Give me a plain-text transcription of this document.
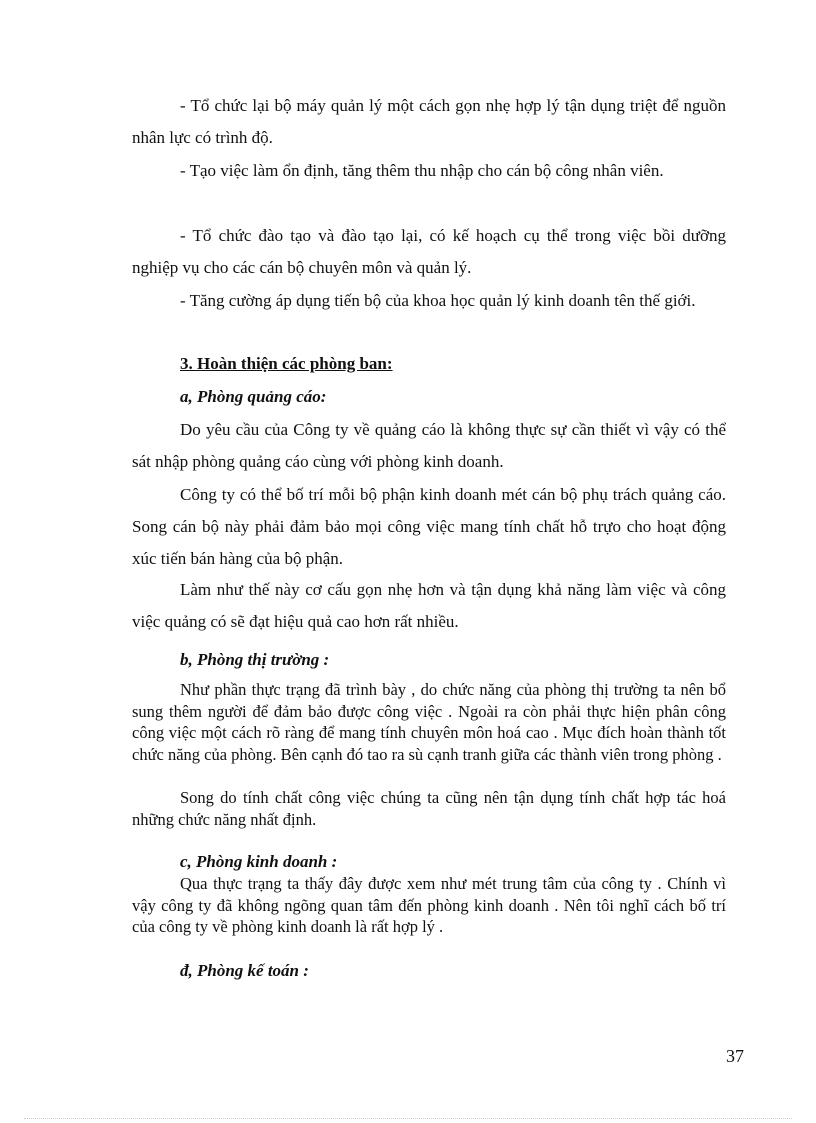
- Tổ chức lại bộ máy quản lý một cách gọn nhẹ hợp lý tận dụng triệt để nguồn nhân lực có trình độ.

- Tạo việc làm ổn định, tăng thêm thu nhập cho cán bộ công nhân viên.

- Tổ chức đào tạo và đào tạo lại, có kế hoạch cụ thể trong việc bồi dưỡng nghiệp vụ cho các cán bộ chuyên môn và quản lý.

- Tăng cường áp dụng tiến bộ của khoa học quản lý kinh doanh tên thế giới.

3. Hoàn thiện các phòng ban:

a, Phòng quảng cáo:

Do yêu cầu của Công ty về quảng cáo là không thực sự cần thiết vì vậy có thể sát nhập phòng quảng cáo cùng với phòng kinh doanh.

Công ty có thể bố trí mỗi bộ phận kinh doanh mét cán bộ phụ trách quảng cáo. Song cán bộ này phải đảm bảo mọi công việc mang tính chất hỗ trựo cho hoạt động xúc tiến bán hàng của bộ phận.

Làm như thế này cơ cấu gọn nhẹ hơn và tận dụng khả năng làm việc và công việc quảng có sẽ đạt hiệu quả cao hơn rất nhiều.

b, Phòng thị trường :

Như phần thực trạng đã trình bày , do chức năng của phòng thị trường ta nên bổ sung thêm người để đảm bảo được công việc . Ngoài ra còn phải thực hiện phân công công việc một cách rõ ràng để mang tính chuyên môn hoá cao . Mục đích hoàn thành tốt chức năng của phòng. Bên cạnh đó tao ra sù cạnh tranh giữa các thành viên trong phòng .

Song do tính chất công việc chúng ta cũng nên tận dụng tính chất hợp tác hoá những chức năng nhất định.

c, Phòng kinh doanh :

Qua thực trạng ta thấy đây được xem như mét trung tâm của công ty . Chính vì vậy công ty đã không ngõng quan tâm đến phòng kinh doanh . Nên tôi nghĩ cách bố trí của công ty về phòng kinh doanh là rất hợp lý .

đ, Phòng kế toán :

37
